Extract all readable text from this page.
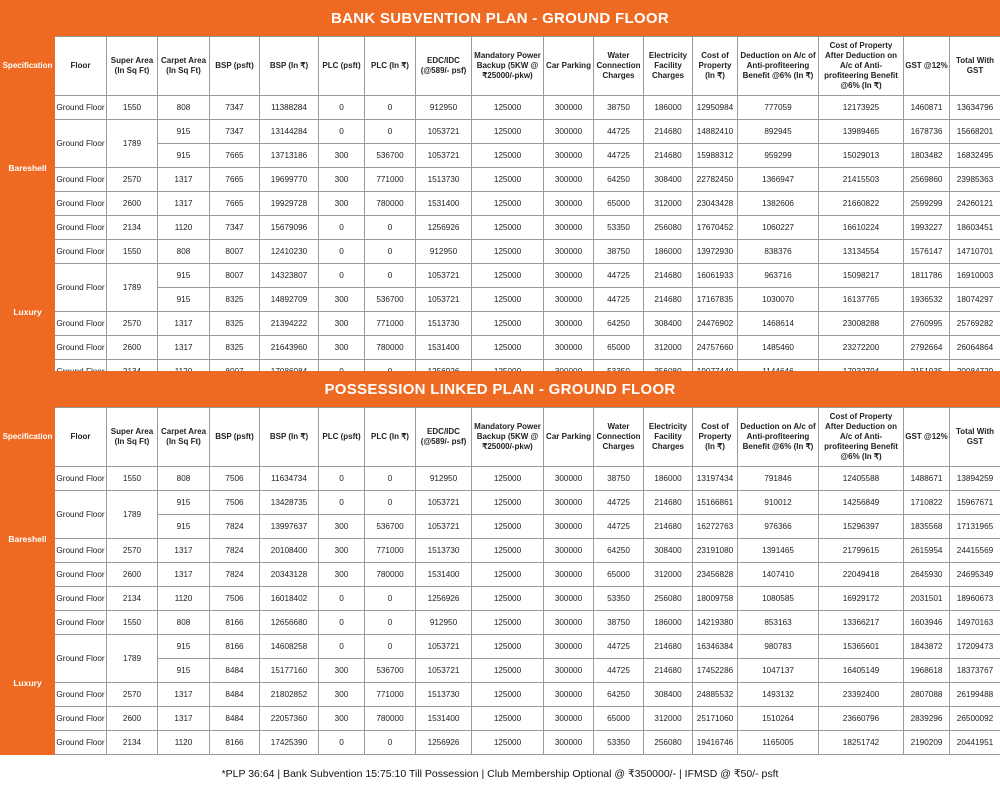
BANK SUBVENTION PLAN - GROUND FLOOR
Specification	Floor	Super Area (In Sq Ft)	Carpet Area (In Sq Ft)	BSP (psft)	BSP (In ₹)	PLC (psft)	PLC (In ₹)	EDC/IDC (@589/- psf)	Mandatory Power Backup (5KW @ ₹25000/-pkw)	Car Parking	Water Connection Charges	Electricity Facility Charges	Cost of Property (In ₹)	Deduction on A/c of Anti-profiteering Benefit @6% (In ₹)	Cost of Property After Deduction on A/c of Anti-profiteering Benefit @6% (In ₹)	GST @12%	Total With GST
Bareshell	Ground Floor	1550	808	7347	11388284	0	0	912950	125000	300000	38750	186000	12950984	777059	12173925	1460871	13634796
	Ground Floor	1789	915	7347	13144284	0	0	1053721	125000	300000	44725	214680	14882410	892945	13989465	1678736	15668201
			915	7665	13713186	300	536700	1053721	125000	300000	44725	214680	15988312	959299	15029013	1803482	16832495
	Ground Floor	2570	1317	7665	19699770	300	771000	1513730	125000	300000	64250	308400	22782450	1366947	21415503	2569860	23985363
	Ground Floor	2600	1317	7665	19929728	300	780000	1531400	125000	300000	65000	312000	23043428	1382606	21660822	2599299	24260121
	Ground Floor	2134	1120	7347	15679096	0	0	1256926	125000	300000	53350	256080	17670452	1060227	16610224	1993227	18603451
Luxury	Ground Floor	1550	808	8007	12410230	0	0	912950	125000	300000	38750	186000	13972930	838376	13134554	1576147	14710701
	Ground Floor	1789	915	8007	14323807	0	0	1053721	125000	300000	44725	214680	16061933	963716	15098217	1811786	16910003
			915	8325	14892709	300	536700	1053721	125000	300000	44725	214680	17167835	1030070	16137765	1936532	18074297
	Ground Floor	2570	1317	8325	21394222	300	771000	1513730	125000	300000	64250	308400	24476902	1468614	23008288	2760995	25769282
	Ground Floor	2600	1317	8325	21643960	300	780000	1531400	125000	300000	65000	312000	24757660	1485460	23272200	2792664	26064864

POSSESSION LINKED PLAN - GROUND FLOOR
Specification	Floor	Super Area (In Sq Ft)	Carpet Area (In Sq Ft)	BSP (psft)	BSP (In ₹)	PLC (psft)	PLC (In ₹)	EDC/IDC (@589/- psf)	Mandatory Power Backup (5KW @ ₹25000/-pkw)	Car Parking	Water Connection Charges	Electricity Facility Charges	Cost of Property (In ₹)	Deduction on A/c of Anti-profiteering Benefit @6% (In ₹)	Cost of Property After Deduction on A/c of Anti-profiteering Benefit @6% (In ₹)	GST @12%	Total With GST
Bareshell	Ground Floor	1550	808	7506	11634734	0	0	912950	125000	300000	38750	186000	13197434	791846	12405588	1488671	13894259
	Ground Floor	1789	915	7506	13428735	0	0	1053721	125000	300000	44725	214680	15166861	910012	14256849	1710822	15967671
			915	7824	13997637	300	536700	1053721	125000	300000	44725	214680	16272763	976366	15296397	1835568	17131965
	Ground Floor	2570	1317	7824	20108400	300	771000	1513730	125000	300000	64250	308400	23191080	1391465	21799615	2615954	24415569
	Ground Floor	2600	1317	7824	20343128	300	780000	1531400	125000	300000	65000	312000	23456828	1407410	22049418	2645930	24695349
	Ground Floor	2134	1120	7506	16018402	0	0	1256926	125000	300000	53350	256080	18009758	1080585	16929172	2031501	18960673
Luxury	Ground Floor	1550	808	8166	12656680	0	0	912950	125000	300000	38750	186000	14219380	853163	13366217	1603946	14970163
	Ground Floor	1789	915	8166	14608258	0	0	1053721	125000	300000	44725	214680	16346384	980783	15365601	1843872	17209473
			915	8484	15177160	300	536700	1053721	125000	300000	44725	214680	17452286	1047137	16405149	1968618	18373767
	Ground Floor	2570	1317	8484	21802852	300	771000	1513730	125000	300000	64250	308400	24885532	1493132	23392400	2807088	26199488
	Ground Floor	2600	1317	8484	22057360	300	780000	1531400	125000	300000	65000	312000	25171060	1510264	23660796	2839296	26500092
	Ground Floor	2134	1120	8166	17425390	0	0	1256926	125000	300000	53350	256080	19416746	1165005	18251742	2190209	20441951
*PLP 36:64 | Bank Subvention 15:75:10 Till Possession | Club Membership Optional @ ₹350000/- | IFMSD @ ₹50/- psft
